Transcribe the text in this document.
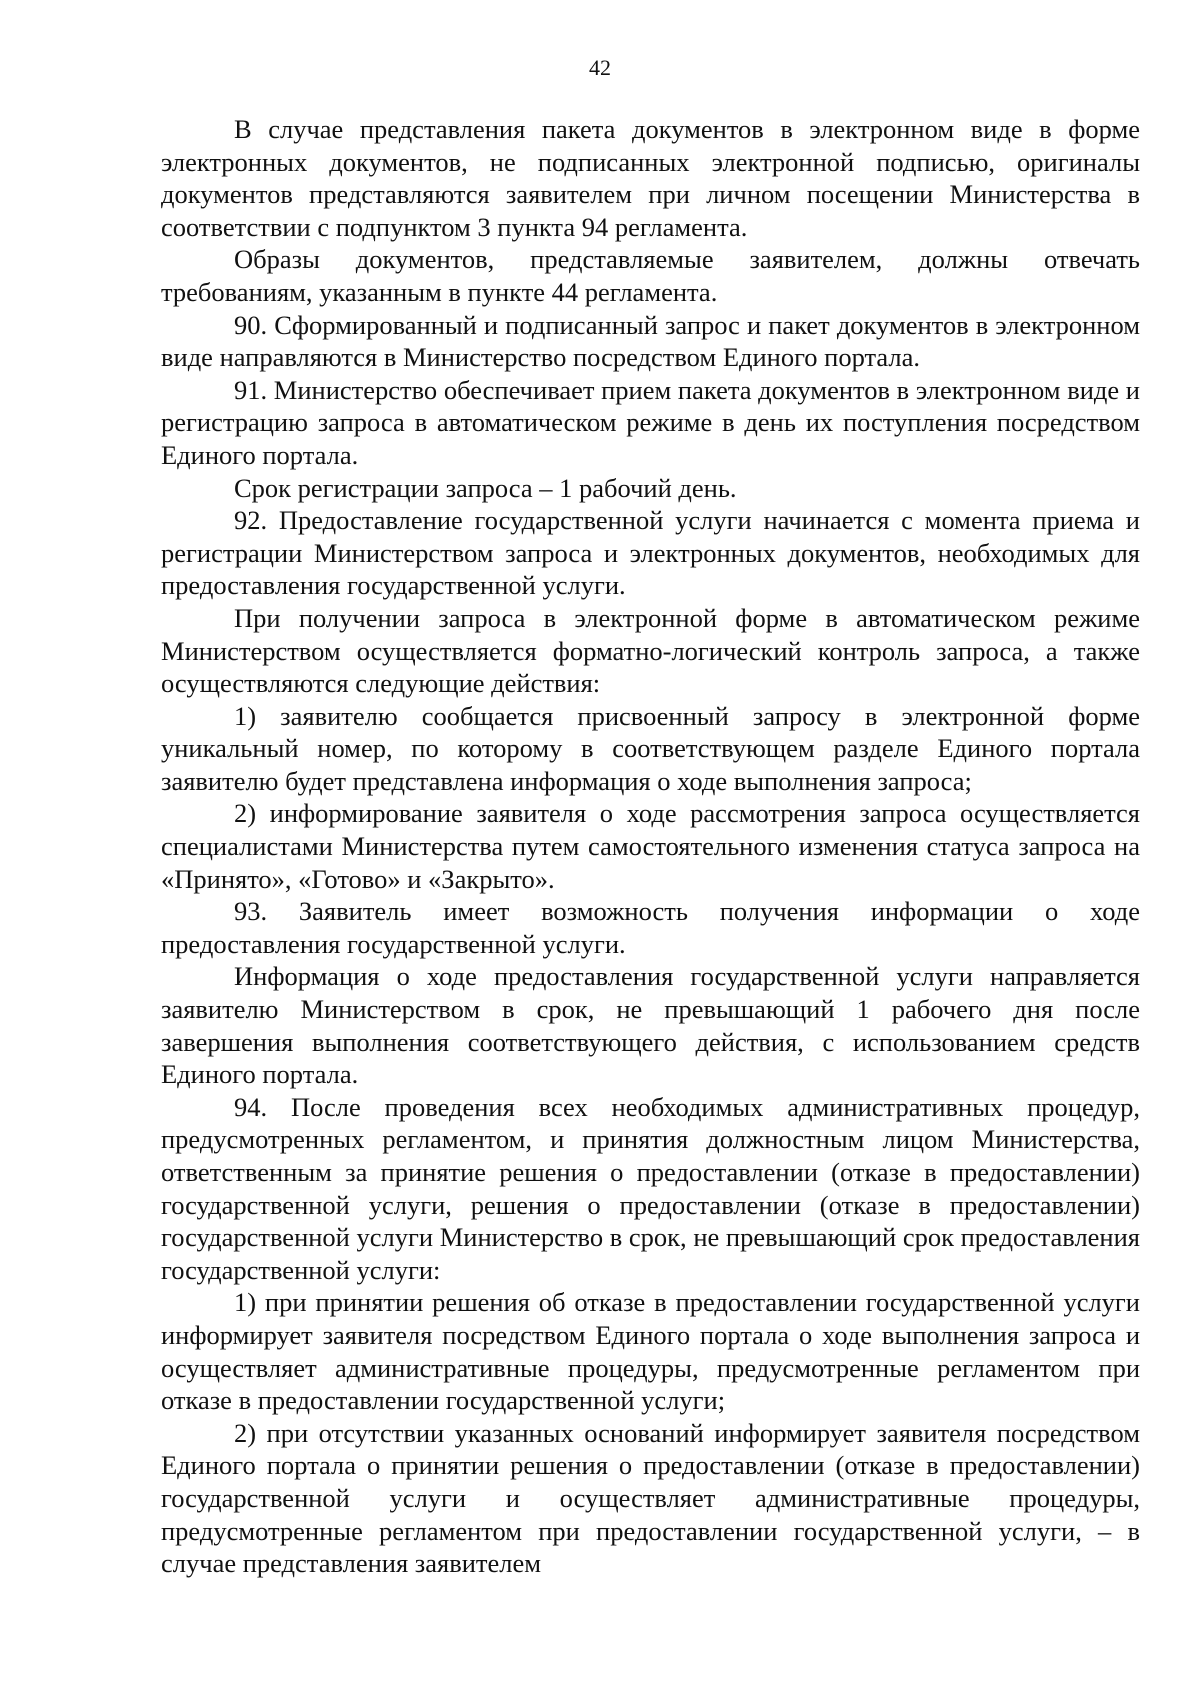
42

В случае представления пакета документов в электронном виде в форме электронных документов, не подписанных электронной подписью, оригиналы документов представляются заявителем при личном посещении Министерства в соответствии с подпунктом 3 пункта 94 регламента.

Образы документов, представляемые заявителем, должны отвечать требованиям, указанным в пункте 44 регламента.

90. Сформированный и подписанный запрос и пакет документов в электронном виде направляются в Министерство посредством Единого портала.

91. Министерство обеспечивает прием пакета документов в электронном виде и регистрацию запроса в автоматическом режиме в день их поступления посредством Единого портала.

Срок регистрации запроса – 1 рабочий день.

92. Предоставление государственной услуги начинается с момента приема и регистрации Министерством запроса и электронных документов, необходимых для предоставления государственной услуги.

При получении запроса в электронной форме в автоматическом режиме Министерством осуществляется форматно-логический контроль запроса, а также осуществляются следующие действия:

1) заявителю сообщается присвоенный запросу в электронной форме уникальный номер, по которому в соответствующем разделе Единого портала заявителю будет представлена информация о ходе выполнения запроса;

2) информирование заявителя о ходе рассмотрения запроса осуществляется специалистами Министерства путем самостоятельного изменения статуса запроса на «Принято», «Готово» и «Закрыто».

93. Заявитель имеет возможность получения информации о ходе предоставления государственной услуги.

Информация о ходе предоставления государственной услуги направляется заявителю Министерством в срок, не превышающий 1 рабочего дня после завершения выполнения соответствующего действия, с использованием средств Единого портала.

94. После проведения всех необходимых административных процедур, предусмотренных регламентом, и принятия должностным лицом Министерства, ответственным за принятие решения о предоставлении (отказе в предоставлении) государственной услуги, решения о предоставлении (отказе в предоставлении) государственной услуги Министерство в срок, не превышающий срок предоставления государственной услуги:

1) при принятии решения об отказе в предоставлении государственной услуги информирует заявителя посредством Единого портала о ходе выполнения запроса и осуществляет административные процедуры, предусмотренные регламентом при отказе в предоставлении государственной услуги;

2) при отсутствии указанных оснований информирует заявителя посредством Единого портала о принятии решения о предоставлении (отказе в предоставлении) государственной услуги и осуществляет административные процедуры, предусмотренные регламентом при предоставлении государственной услуги, – в случае представления заявителем
